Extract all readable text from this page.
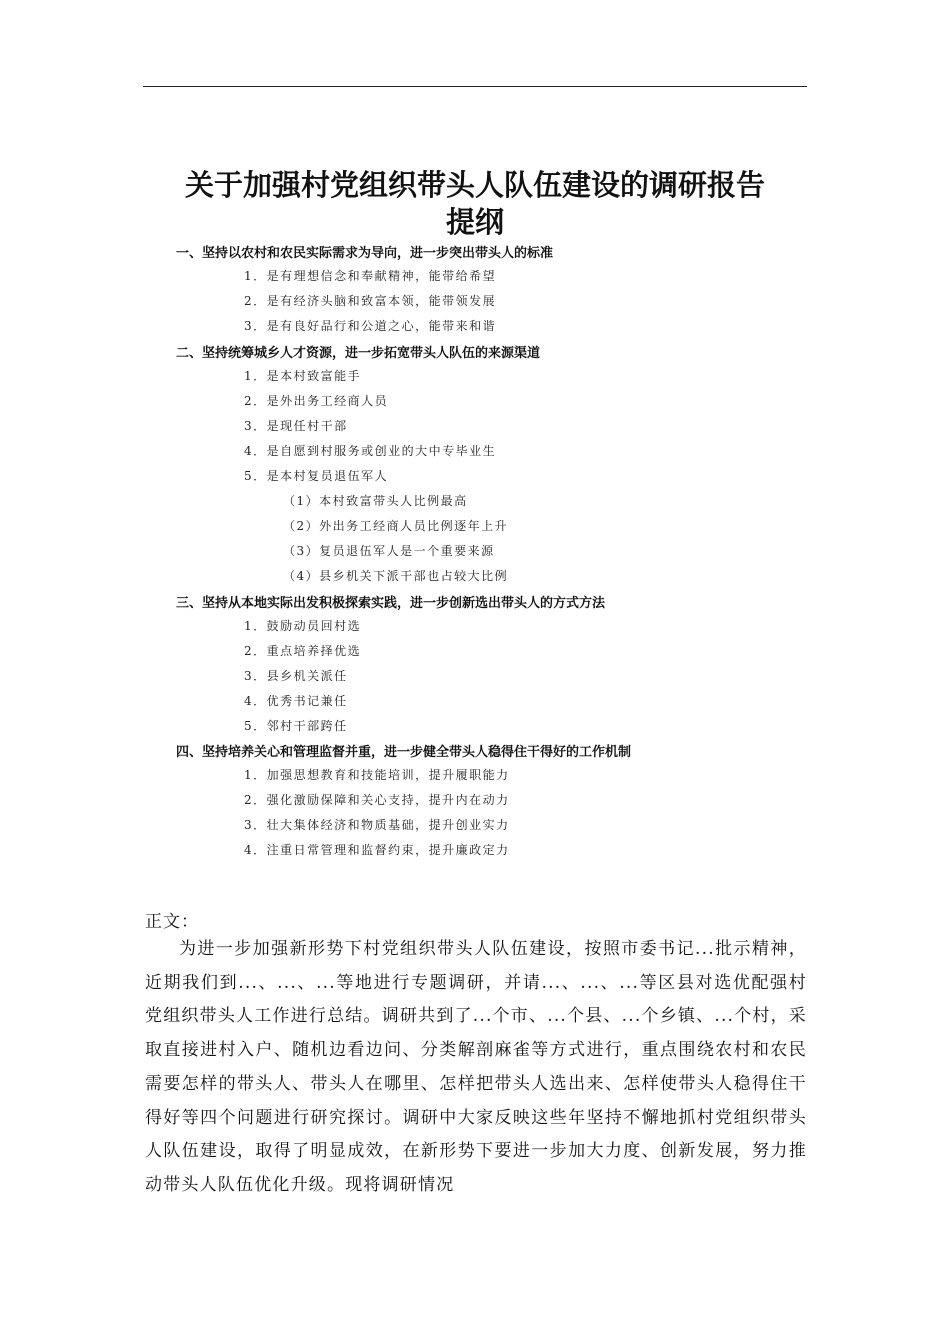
关于加强村党组织带头人队伍建设的调研报告
提纲
一、坚持以农村和农民实际需求为导向，进一步突出带头人的标准
1．是有理想信念和奉献精神，能带给希望
2．是有经济头脑和致富本领，能带领发展
3．是有良好品行和公道之心，能带来和谐
二、坚持统筹城乡人才资源，进一步拓宽带头人队伍的来源渠道
1．是本村致富能手
2．是外出务工经商人员
3．是现任村干部
4．是自愿到村服务或创业的大中专毕业生
5．是本村复员退伍军人
（1）本村致富带头人比例最高
（2）外出务工经商人员比例逐年上升
（3）复员退伍军人是一个重要来源
（4）县乡机关下派干部也占较大比例
三、坚持从本地实际出发积极探索实践，进一步创新选出带头人的方式方法
1．鼓励动员回村选
2．重点培养择优选
3．县乡机关派任
4．优秀书记兼任
5．邻村干部跨任
四、坚持培养关心和管理监督并重，进一步健全带头人稳得住干得好的工作机制
1．加强思想教育和技能培训，提升履职能力
2．强化激励保障和关心支持，提升内在动力
3．壮大集体经济和物质基础，提升创业实力
4．注重日常管理和监督约束，提升廉政定力
正文：

为进一步加强新形势下村党组织带头人队伍建设，按照市委书记...批示精神，近期我们到...、...、...等地进行专题调研，并请...、...、...等区县对选优配强村党组织带头人工作进行总结。调研共到了...个市、...个县、...个乡镇、...个村，采取直接进村入户、随机边看边问、分类解剖麻雀等方式进行，重点围绕农村和农民需要怎样的带头人、带头人在哪里、怎样把带头人选出来、怎样使带头人稳得住干得好等四个问题进行研究探讨。调研中大家反映这些年坚持不懈地抓村党组织带头人队伍建设，取得了明显成效，在新形势下要进一步加大力度、创新发展，努力推动带头人队伍优化升级。现将调研情况
